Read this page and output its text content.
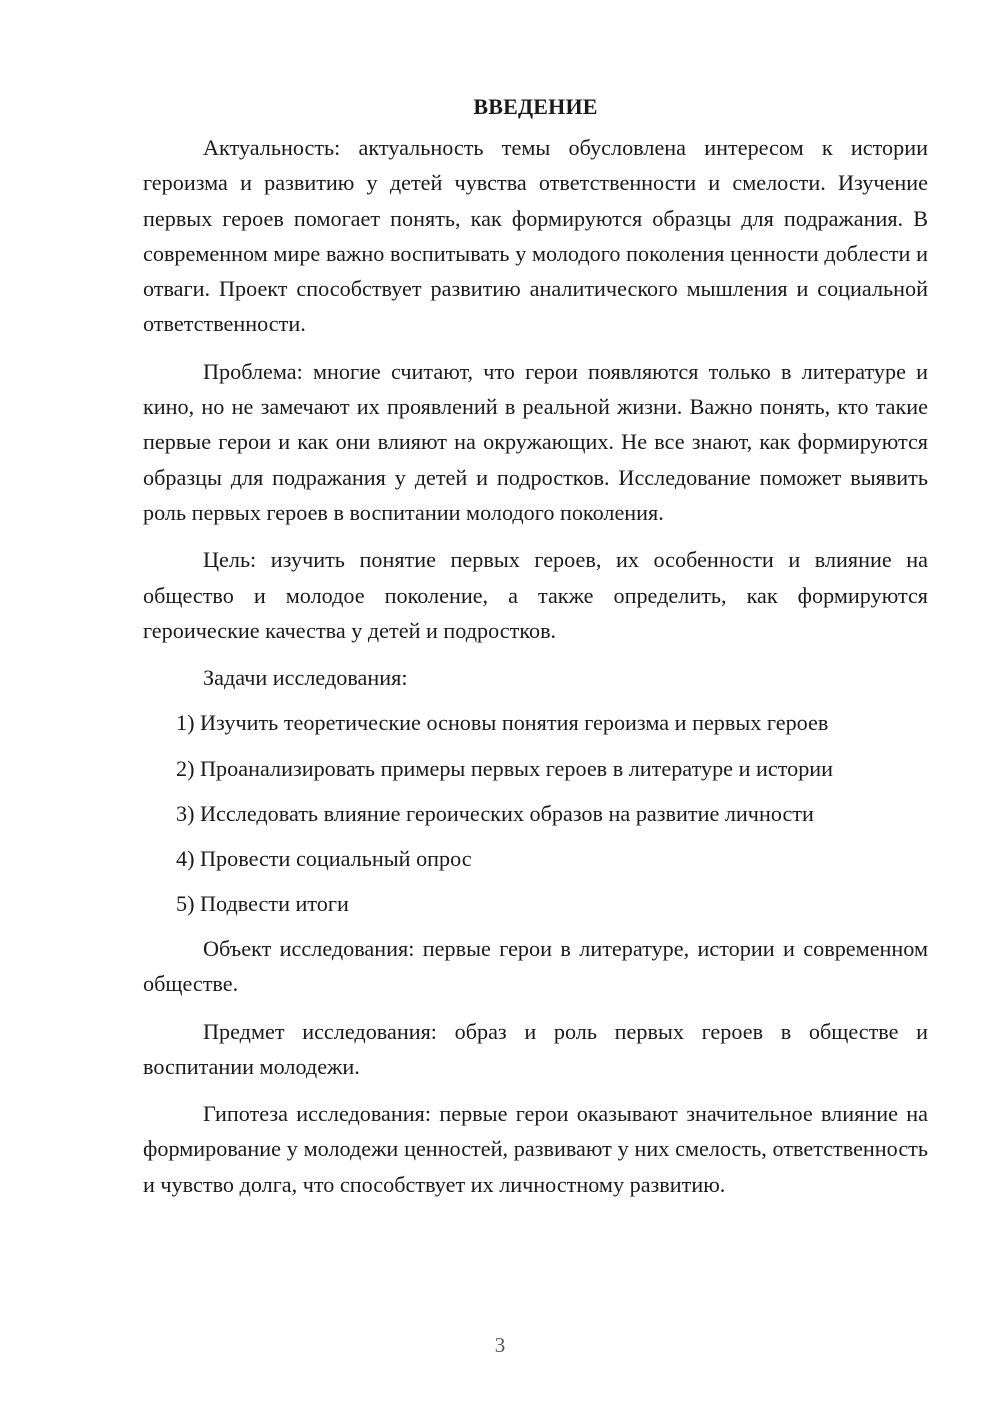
ВВЕДЕНИЕ

Актуальность: актуальность темы обусловлена интересом к истории героизма и развитию у детей чувства ответственности и смелости. Изучение первых героев помогает понять, как формируются образцы для подражания. В современном мире важно воспитывать у молодого поколения ценности доблести и отваги. Проект способствует развитию аналитического мышления и социальной ответственности.

Проблема: многие считают, что герои появляются только в литературе и кино, но не замечают их проявлений в реальной жизни. Важно понять, кто такие первые герои и как они влияют на окружающих. Не все знают, как формируются образцы для подражания у детей и подростков. Исследование поможет выявить роль первых героев в воспитании молодого поколения.

Цель: изучить понятие первых героев, их особенности и влияние на общество и молодое поколение, а также определить, как формируются героические качества у детей и подростков.

Задачи исследования:
1) Изучить теоретические основы понятия героизма и первых героев
2) Проанализировать примеры первых героев в литературе и истории
3) Исследовать влияние героических образов на развитие личности
4) Провести социальный опрос
5) Подвести итоги

Объект исследования: первые герои в литературе, истории и современном обществе.

Предмет исследования: образ и роль первых героев в обществе и воспитании молодежи.

Гипотеза исследования: первые герои оказывают значительное влияние на формирование у молодежи ценностей, развивают у них смелость, ответственность и чувство долга, что способствует их личностному развитию.

3
